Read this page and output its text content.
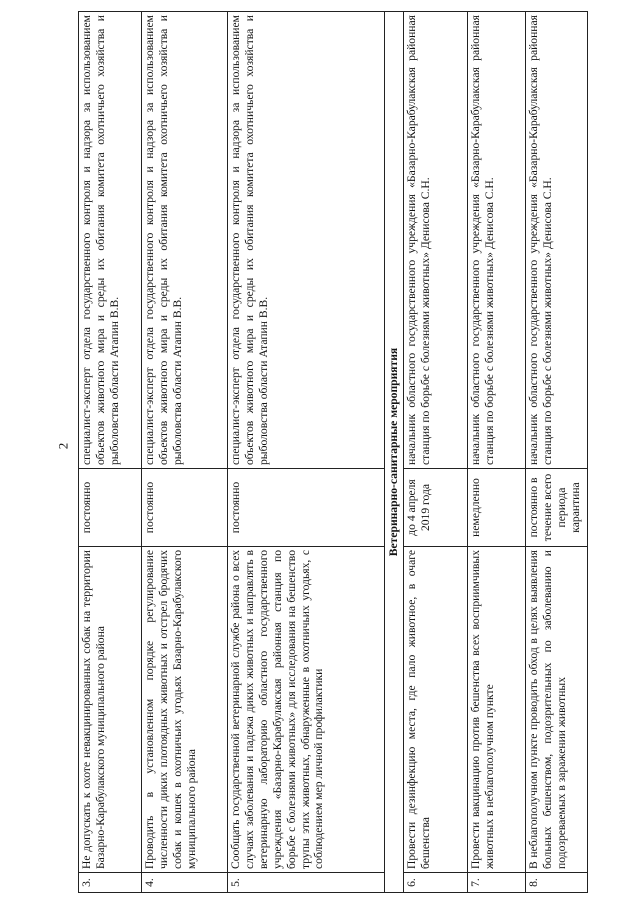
2
3.	Не допускать к охоте невакцинированных собак на территории Базарно-Карабулакского муниципального района	постоянно	специалист-эксперт отдела государственного контроля и надзора за использованием объектов животного мира и среды их обитания комитета охотничьего хозяйства и рыболовства области Атапин В.В.
4.	Проводить в установленном порядке регулирование численности диких плотоядных животных и отстрел бродячих собак и кошек в охотничьих угодьях Базарно-Карабулакского муниципального района	постоянно	специалист-эксперт отдела государственного контроля и надзора за использованием объектов животного мира и среды их обитания комитета охотничьего хозяйства и рыболовства области Атапин В.В.
5.	Сообщать государственной ветеринарной службе района о всех случаях заболевания и падежа диких животных и направлять в ветеринарную лабораторию областного государственного учреждения «Базарно-Карабулакская районная станция по борьбе с болезнями животных» для исследования на бешенство трупы этих животных, обнаруженные в охотничьих угодьях, с соблюдением мер личной профилактики	постоянно	специалист-эксперт отдела государственного контроля и надзора за использованием объектов животного мира и среды их обитания комитета охотничьего хозяйства и рыболовства области Атапин В.В.
Ветеринарно-санитарные мероприятия			
6.	Провести дезинфекцию места, где пало животное, в очаге бешенства	до 4 апреля 2019 года	начальник областного государственного учреждения «Базарно-Карабулакская районная станция по борьбе с болезнями животных» Денисова С.Н.
7.	Провести вакцинацию против бешенства всех восприимчивых животных в неблагополучном пункте	немедленно	начальник областного государственного учреждения «Базарно-Карабулакская районная станция по борьбе с болезнями животных» Денисова С.Н.
8.	В неблагополучном пункте проводить обход в целях выявления больных бешенством, подозрительных по заболеванию и подозреваемых в заражении животных	постоянно в течение всего периода карантина	начальник областного государственного учреждения «Базарно-Карабулакская районная станция по борьбе с болезнями животных» Денисова С.Н.
